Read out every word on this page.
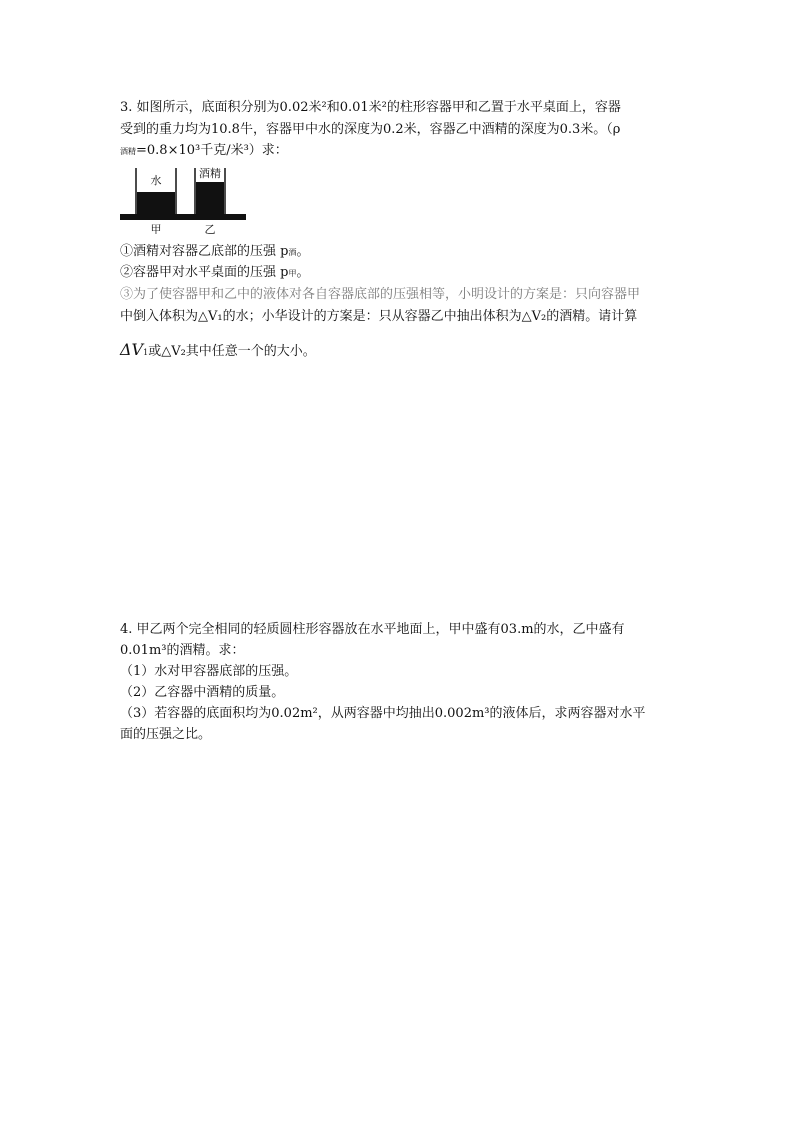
3. 如图所示，底面积分别为0.02米²和0.01米²的柱形容器甲和乙置于水平桌面上，容器
受到的重力均为10.8牛，容器甲中水的深度为0.2米，容器乙中酒精的深度为0.3米。（ρ
酒精=0.8×10³千克/米³）求：
水
酒精
甲	乙
①酒精对容器乙底部的压强 p酒。
②容器甲对水平桌面的压强 p甲。
③为了使容器甲和乙中的液体对各自容器底部的压强相等，小明设计的方案是：只向容器甲
中倒入体积为△V₁的水；小华设计的方案是：只从容器乙中抽出体积为△V₂的酒精。请计算
ΔV1或△V₂其中任意一个的大小。
4. 甲乙两个完全相同的轻质圆柱形容器放在水平地面上，甲中盛有03.m的水，乙中盛有
0.01m³的酒精。求：
（1）水对甲容器底部的压强。
（2）乙容器中酒精的质量。
（3）若容器的底面积均为0.02m²，从两容器中均抽出0.002m³的液体后，求两容器对水平
面的压强之比。
